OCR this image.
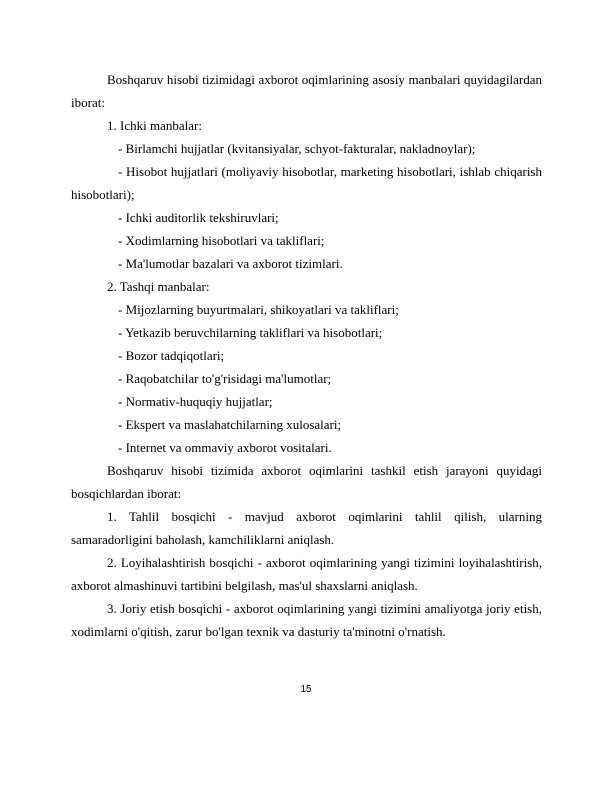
Boshqaruv hisobi tizimidagi axborot oqimlarining asosiy manbalari quyidagilardan iborat:

1. Ichki manbalar:

- Birlamchi hujjatlar (kvitansiyalar, schyot-fakturalar, nakladnoylar);

- Hisobot hujjatlari (moliyaviy hisobotlar, marketing hisobotlari, ishlab chiqarish hisobotlari);

- Ichki auditorlik tekshiruvlari;

- Xodimlarning hisobotlari va takliflari;

- Ma'lumotlar bazalari va axborot tizimlari.

2. Tashqi manbalar:

- Mijozlarning buyurtmalari, shikoyatlari va takliflari;

- Yetkazib beruvchilarning takliflari va hisobotlari;

- Bozor tadqiqotlari;

- Raqobatchilar to'g'risidagi ma'lumotlar;

- Normativ-huquqiy hujjatlar;

- Ekspert va maslahatchilarning xulosalari;

- Internet va ommaviy axborot vositalari.

Boshqaruv hisobi tizimida axborot oqimlarini tashkil etish jarayoni quyidagi bosqichlardan iborat:

1. Tahlil bosqichi - mavjud axborot oqimlarini tahlil qilish, ularning samaradorligini baholash, kamchiliklarni aniqlash.

2. Loyihalashtirish bosqichi - axborot oqimlarining yangi tizimini loyihalashtirish, axborot almashinuvi tartibini belgilash, mas'ul shaxslarni aniqlash.

3. Joriy etish bosqichi - axborot oqimlarining yangi tizimini amaliyotga joriy etish, xodimlarni o'qitish, zarur bo'lgan texnik va dasturiy ta'minotni o'rnatish.

15
